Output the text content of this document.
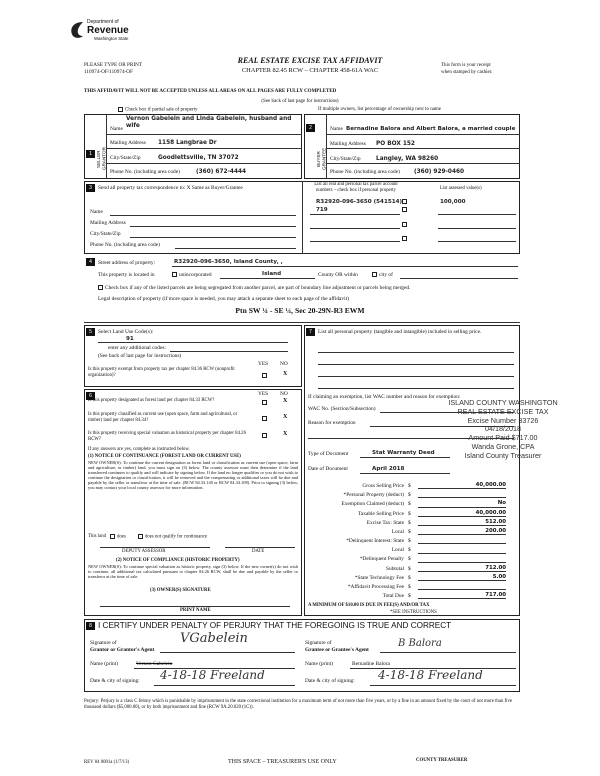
Department of
Revenue
Washington State
PLEASE TYPE OR PRINT
110974-OF/110974-OF
REAL ESTATE EXCISE TAX AFFIDAVIT
CHAPTER 82.45 RCW – CHAPTER 458-61A WAC
This form is your receipt
when stamped by cashier.
THIS AFFIDAVIT WILL NOT BE ACCEPTED UNLESS ALL AREAS ON ALL PAGES ARE FULLY COMPLETED
(See back of last page for instructions)
Check box if partial sale of property	If multiple owners, list percentage of ownership next to name
1 SELLER GRANTOR
Name
Vernon Gabelein and Linda Gabelein, husband and wife
Mailing Address 1158 Langbrae Dr
City/State/Zip	Goodlettsville, TN 37072
Phone No. (including area code)	(360) 672-4444
2
BUYER GRANTEE
Name Bernadine Balora and Albert Balora, a married couple
Mailing Address PO BOX 152
City/State/Zip	Langley, WA 98260
Phone No. (including area code) (360) 929-0460
3	Send all property tax correspondence to: X Same as Buyer/Grantee
List all real and personal tax parcel account numbers – check box if personal property	List assessed value(s)
R32920-096-3650 (541514)	100,000
719
Name
Mailing Address
City/State/Zip
Phone No. (including area code)
4	Street address of property:	R32920-096-3650, Island County, ,
This property is located in	unincorporated	Island	County OR within	city of
Check box if any of the listed parcels are being segregated from another parcel, are part of boundary line adjustment or parcels being merged.
Legal description of property (if more space is needed, you may attach a separate sheet to each page of the affidavit)
Ptn SW ¼ - SE ¼, Sec 20-29N-R3 EWM
5	Select Land Use Code(s):
91
enter any additional codes:
(See back of last page for instructions)
YES NO
Is this property exempt from property tax per chapter 84.36 RCW (nonprofit organization)?	X
6	YES NO
Is this property designated as forest land per chapter 84.33 RCW?	X
Is this property classified as current use (open space, farm and agricultural, or timber) land per chapter 84.34?
X
Is this property receiving special valuation as historical property per chapter 84.26 RCW?
X
If any answers are yes, complete as instructed below.
(1) NOTICE OF CONTINUANCE (FOREST LAND OR CURRENT USE)
NEW OWNER(S): To continue the current designation as forest land or classification as current use (open space, farm and agriculture, or timber) land, you must sign on (3) below. The county assessor must then determine if the land transferred continues to qualify and will indicate by signing below. If the land no longer qualifies or you do not wish to continue the designation or classification, it will be removed and the compensating or additional taxes will be due and payable by the seller or transferor at the time of sale. (RCW 84.33.140 or RCW 84.34.108). Prior to signing (3) below, you may contact your local county assessor for more information.
This land	does	does not qualify for continuance
DEPUTY ASSESSOR	DATE
(2) NOTICE OF COMPLIANCE (HISTORIC PROPERTY)
NEW OWNER(S): To continue special valuation as historic property, sign (3) below. If the new owner(s) do not wish to continue, all additional tax calculated pursuant to chapter 84.26 RCW, shall be due and payable by the seller or transferor at the time of sale.
(3) OWNER(S) SIGNATURE
PRINT NAME
7	List all personal property (tangible and intangible) included in selling price.
If claiming an exemption, list WAC number and reason for exemption:
WAC No. (Section/Subsection)
Reason for exemption
Type of Document	Stat Warranty Deed
Date of Document	April 2018
Gross Selling Price $	40,000.00
*Personal Property (deduct) $
Exemption Claimed (deduct) $	No
Taxable Selling Price $	40,000.00
Excise Tax: State $	512.00
Local $	200.00
*Delinquent Interest: State $
Local $
*Delinquent Penalty $
Subtotal $	712.00
*State Technology Fee $	5.00
*Affidavit Processing Fee $
Total Due $	717.00
A MINIMUM OF $10.00 IS DUE IN FEE(S) AND/OR TAX
*SEE INSTRUCTIONS
ISLAND COUNTY WASHINGTON
REAL ESTATE EXCISE TAX
Excise Number 33726
04/18/2018
Amount Paid $717.00
Wanda Grone, CPA
Island County Treasurer
8 I CERTIFY UNDER PENALTY OF PERJURY THAT THE FOREGOING IS TRUE AND CORRECT
Signature of
Grantor or Grantor's Agent
VGabelein
Name (print)	Vernon Gabelein
Date & city of signing: 4-18-18 Freeland
Signature of
Grantee or Grantee's Agent
B Balora
Name (print)	Bernadine Balora
Date & city of signing: 4-18-18 Freeland
Perjury: Perjury is a class C felony which is punishable by imprisonment in the state correctional institution for a maximum term of not more than five years, or by a fine in an amount fixed by the court of not more than five thousand dollars ($5,000.00), or by both imprisonment and fine (RCW 9A.20.020 (1C)).
REV 84 0001a (1/7/13)	THIS SPACE – TREASURER'S USE ONLY	COUNTY TREASURER
